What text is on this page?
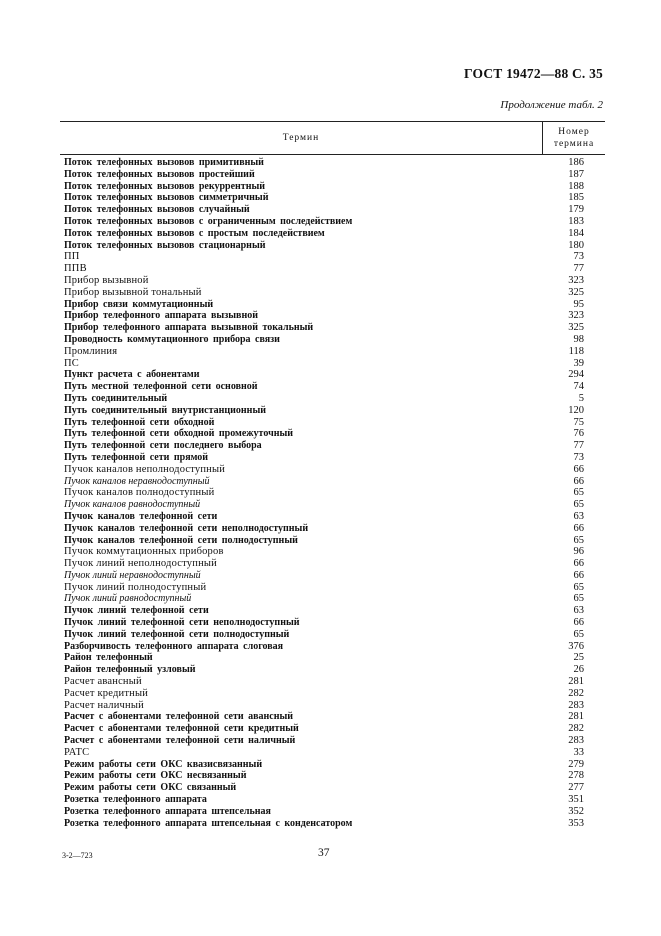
ГОСТ 19472—88 С. 35
Продолжение табл. 2
Термин
Номер
термина
Поток телефонных вызовов примитивный	186
Поток телефонных вызовов простейший	187
Поток телефонных вызовов рекуррентный	188
Поток телефонных вызовов симметричный	185
Поток телефонных вызовов случайный	179
Поток телефонных вызовов с ограниченным последействием	183
Поток телефонных вызовов с простым последействием	184
Поток телефонных вызовов стационарный	180
ПП	73
ППВ	77
Прибор вызывной	323
Прибор вызывной тональный	325
Прибор связи коммутационный	95
Прибор телефонного аппарата вызывной	323
Прибор телефонного аппарата вызывной токальный	325
Проводность коммутационного прибора связи	98
Промлиния	118
ПС	39
Пункт расчета с абонентами	294
Путь местной телефонной сети основной	74
Путь соединительный	5
Путь соединительный внутристанционный	120
Путь телефонной сети обходной	75
Путь телефонной сети обходной промежуточный	76
Путь телефонной сети последнего выбора	77
Путь телефонной сети прямой	73
Пучок каналов неполнодоступный	66
Пучок каналов неравнодоступный	66
Пучок каналов полнодоступный	65
Пучок каналов равнодоступный	65
Пучок каналов телефонной сети	63
Пучок каналов телефонной сети неполнодоступный	66
Пучок каналов телефонной сети полнодоступный	65
Пучок коммутационных приборов	96
Пучок линий неполнодоступный	66
Пучок линий неравнодоступный	66
Пучок линий полнодоступный	65
Пучок линий равнодоступный	65
Пучок линий телефонной сети	63
Пучок линий телефонной сети неполнодоступный	66
Пучок линий телефонной сети полнодоступный	65
Разборчивость телефонного аппарата слоговая	376
Район телефонный	25
Район телефонный узловый	26
Расчет авансный	281
Расчет кредитный	282
Расчет наличный	283
Расчет с абонентами телефонной сети авансный	281
Расчет с абонентами телефонной сети кредитный	282
Расчет с абонентами телефонной сети наличный	283
РАТС	33
Режим работы сети ОКС квазисвязанный	279
Режим работы сети ОКС несвязанный	278
Режим работы сети ОКС связанный	277
Розетка телефонного аппарата	351
Розетка телефонного аппарата штепсельная	352
Розетка телефонного аппарата штепсельная с конденсатором	353
3-2—723	37
